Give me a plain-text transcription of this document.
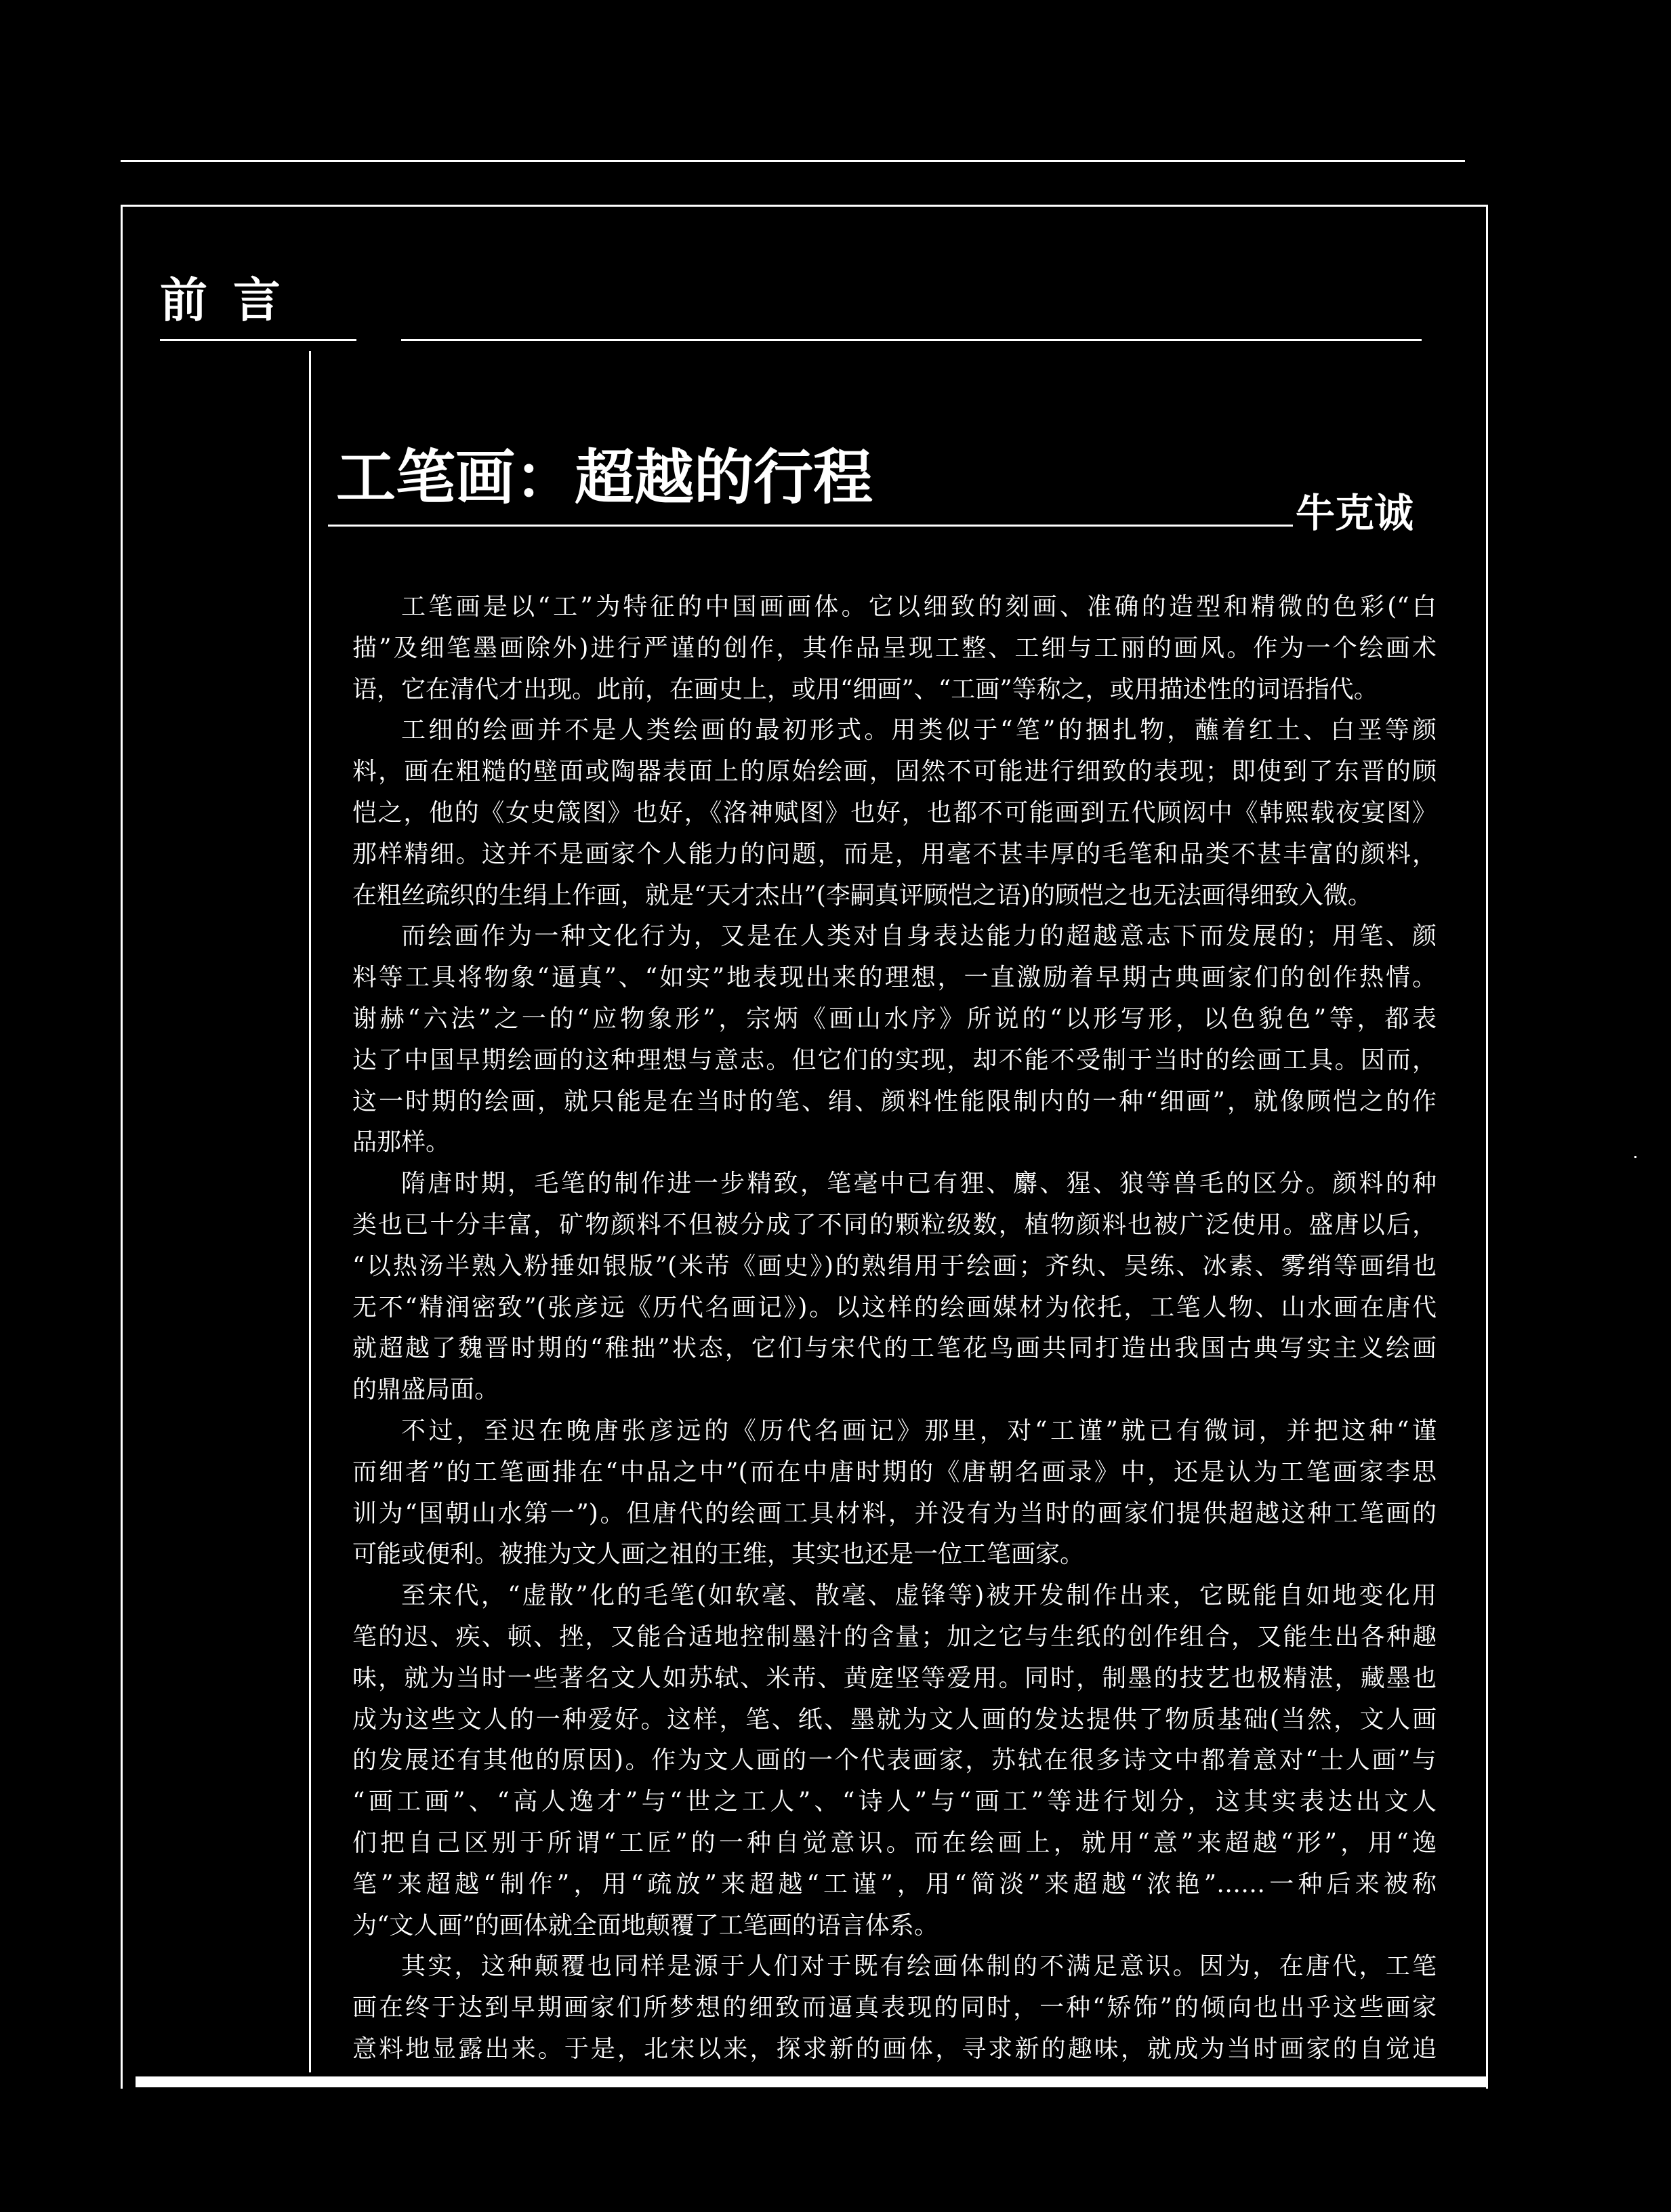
前言
工笔画：超越的行程
牛克诚
工笔画是以“工”为特征的中国画画体。它以细致的刻画、准确的造型和精微的色彩(“白
描”及细笔墨画除外)进行严谨的创作，其作品呈现工整、工细与工丽的画风。作为一个绘画术
语，它在清代才出现。此前，在画史上，或用“细画”、“工画”等称之，或用描述性的词语指代。
工细的绘画并不是人类绘画的最初形式。用类似于“笔”的捆扎物，蘸着红土、白垩等颜
料，画在粗糙的壁面或陶器表面上的原始绘画，固然不可能进行细致的表现；即使到了东晋的顾
恺之，他的《女史箴图》也好，《洛神赋图》也好，也都不可能画到五代顾闳中《韩熙载夜宴图》
那样精细。这并不是画家个人能力的问题，而是，用毫不甚丰厚的毛笔和品类不甚丰富的颜料，
在粗丝疏织的生绢上作画，就是“天才杰出”(李嗣真评顾恺之语)的顾恺之也无法画得细致入微。
而绘画作为一种文化行为，又是在人类对自身表达能力的超越意志下而发展的；用笔、颜
料等工具将物象“逼真”、“如实”地表现出来的理想，一直激励着早期古典画家们的创作热情。
谢赫“六法”之一的“应物象形”，宗炳《画山水序》所说的“以形写形，以色貌色”等，都表
达了中国早期绘画的这种理想与意志。但它们的实现，却不能不受制于当时的绘画工具。因而，
这一时期的绘画，就只能是在当时的笔、绢、颜料性能限制内的一种“细画”，就像顾恺之的作
品那样。
隋唐时期，毛笔的制作进一步精致，笔毫中已有狸、麝、猩、狼等兽毛的区分。颜料的种
类也已十分丰富，矿物颜料不但被分成了不同的颗粒级数，植物颜料也被广泛使用。盛唐以后，
“以热汤半熟入粉捶如银版”(米芾《画史》)的熟绢用于绘画；齐纨、吴练、冰素、雾绡等画绢也
无不“精润密致”(张彦远《历代名画记》)。以这样的绘画媒材为依托，工笔人物、山水画在唐代
就超越了魏晋时期的“稚拙”状态，它们与宋代的工笔花鸟画共同打造出我国古典写实主义绘画
的鼎盛局面。
不过，至迟在晚唐张彦远的《历代名画记》那里，对“工谨”就已有微词，并把这种“谨
而细者”的工笔画排在“中品之中”(而在中唐时期的《唐朝名画录》中，还是认为工笔画家李思
训为“国朝山水第一”)。但唐代的绘画工具材料，并没有为当时的画家们提供超越这种工笔画的
可能或便利。被推为文人画之祖的王维，其实也还是一位工笔画家。
至宋代，“虚散”化的毛笔(如软毫、散毫、虚锋等)被开发制作出来，它既能自如地变化用
笔的迟、疾、顿、挫，又能合适地控制墨汁的含量；加之它与生纸的创作组合，又能生出各种趣
味，就为当时一些著名文人如苏轼、米芾、黄庭坚等爱用。同时，制墨的技艺也极精湛，藏墨也
成为这些文人的一种爱好。这样，笔、纸、墨就为文人画的发达提供了物质基础(当然，文人画
的发展还有其他的原因)。作为文人画的一个代表画家，苏轼在很多诗文中都着意对“士人画”与
“画工画”、“高人逸才”与“世之工人”、“诗人”与“画工”等进行划分，这其实表达出文人
们把自己区别于所谓“工匠”的一种自觉意识。而在绘画上，就用“意”来超越“形”，用“逸
笔”来超越“制作”，用“疏放”来超越“工谨”，用“简淡”来超越“浓艳”……一种后来被称
为“文人画”的画体就全面地颠覆了工笔画的语言体系。
其实，这种颠覆也同样是源于人们对于既有绘画体制的不满足意识。因为，在唐代，工笔
画在终于达到早期画家们所梦想的细致而逼真表现的同时，一种“矫饰”的倾向也出乎这些画家
意料地显露出来。于是，北宋以来，探求新的画体，寻求新的趣味，就成为当时画家的自觉追
